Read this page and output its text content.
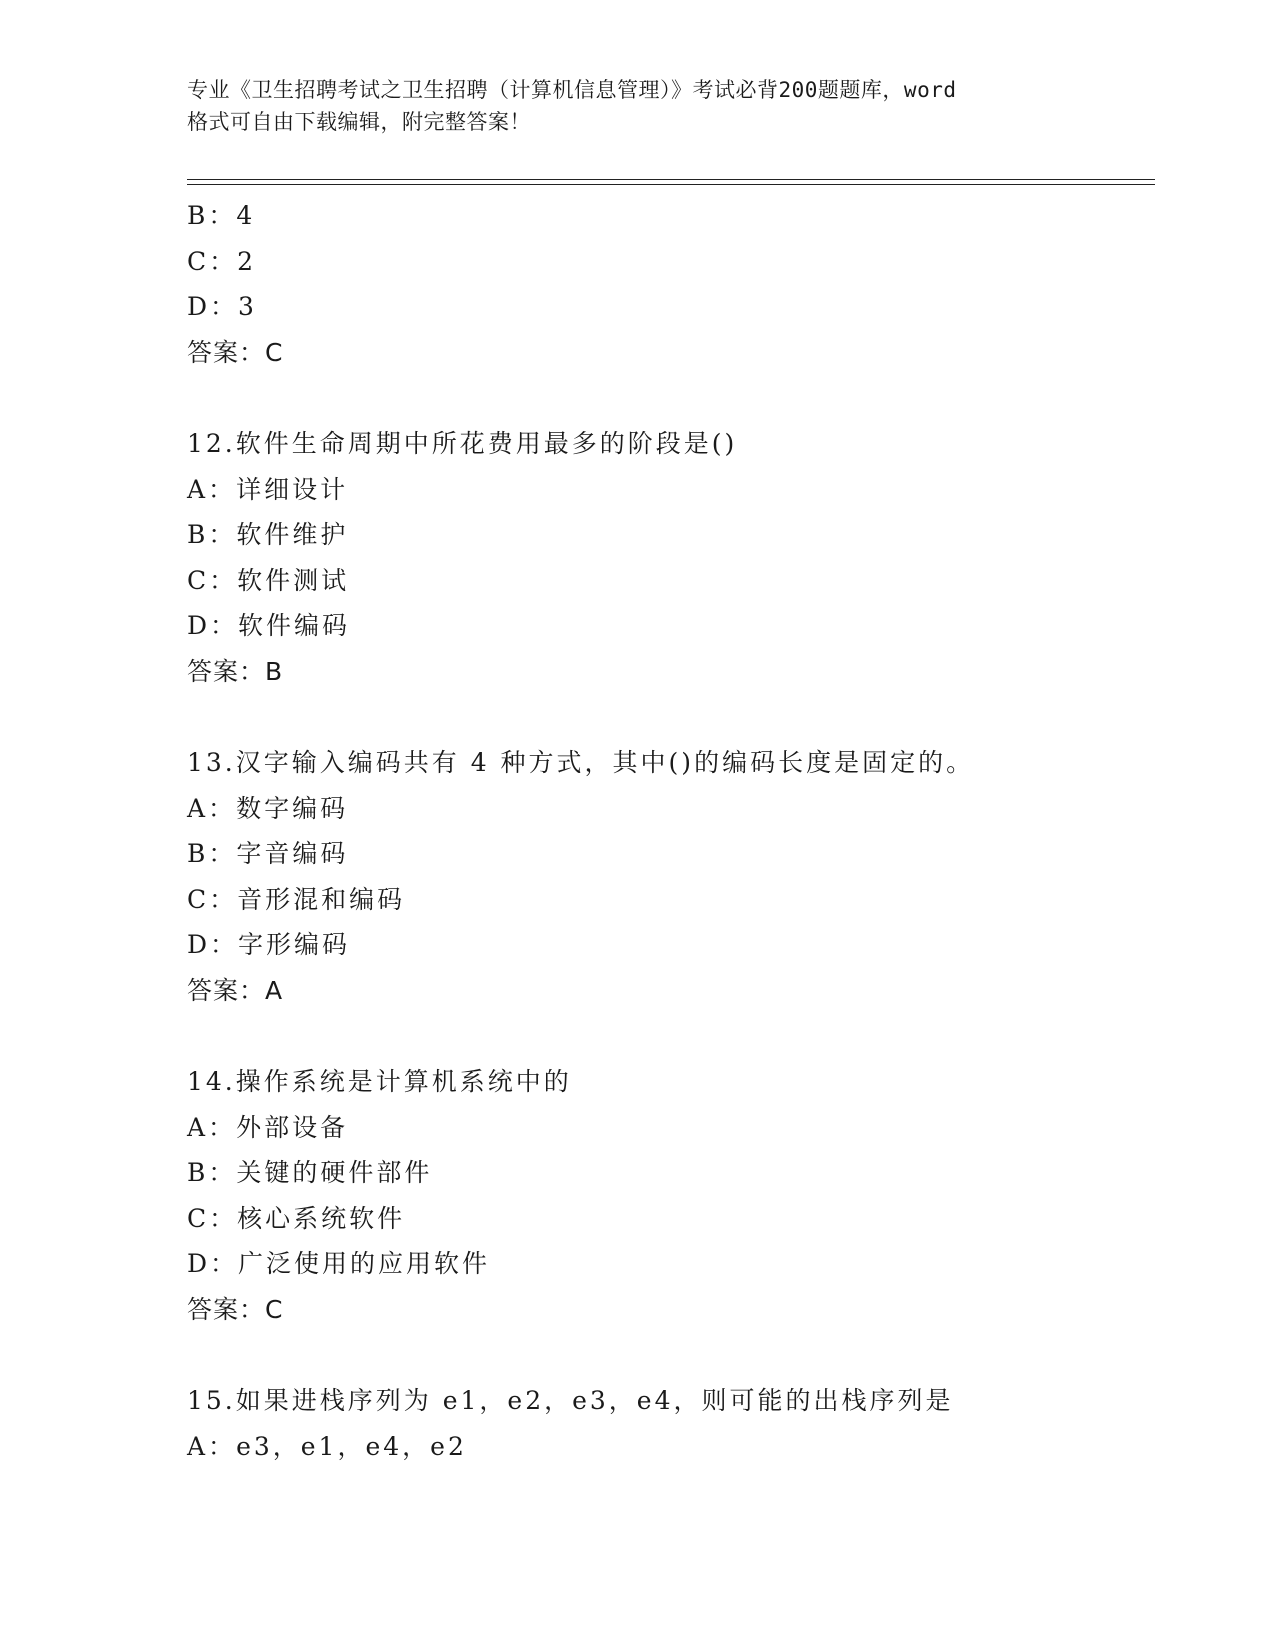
专业《卫生招聘考试之卫生招聘（计算机信息管理）》考试必背200题题库，word
格式可自由下载编辑，附完整答案！
B：4
C：2
D：3
答案：C
12.软件生命周期中所花费用最多的阶段是()
A：详细设计
B：软件维护
C：软件测试
D：软件编码
答案：B
13.汉字输入编码共有 4 种方式，其中()的编码长度是固定的。
A：数字编码
B：字音编码
C：音形混和编码
D：字形编码
答案：A
14.操作系统是计算机系统中的
A：外部设备
B：关键的硬件部件
C：核心系统软件
D：广泛使用的应用软件
答案：C
15.如果进栈序列为 e1，e2，e3，e4，则可能的出栈序列是
A：e3，e1，e4，e2
